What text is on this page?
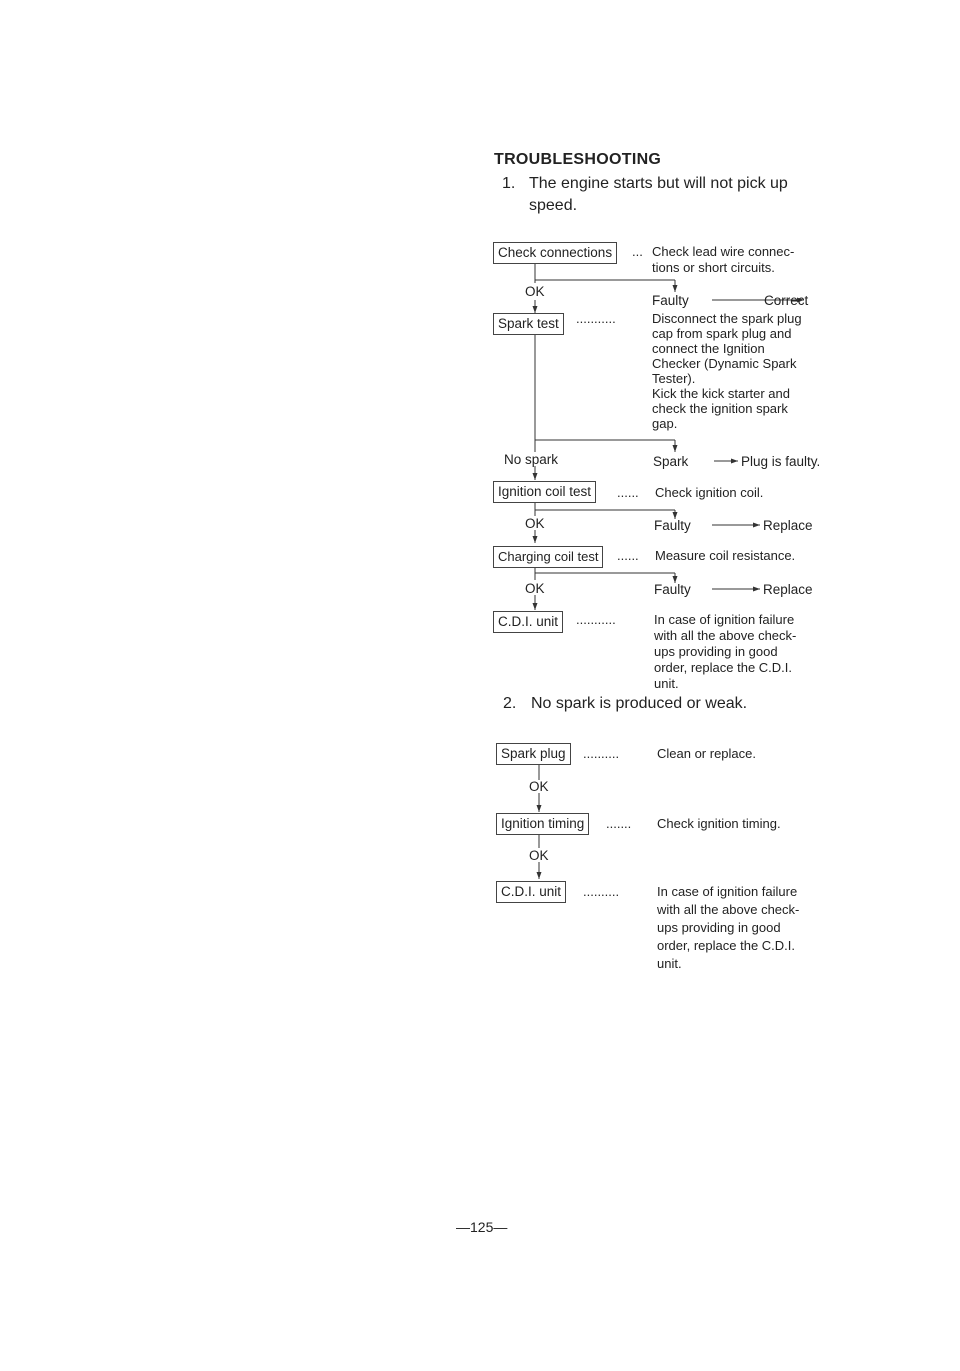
TROUBLESHOOTING
1. The engine starts but will not pick up
speed.
Check connections	... Check lead wire connec-
tions or short circuits.
OK
Faulty	Correct
Spark test	...........	Disconnect the spark plug
cap from spark plug and
connect the Ignition
Checker (Dynamic Spark
Tester).
Kick the kick starter and
check the ignition spark
gap.
No spark	Spark	Plug is faulty.
Ignition coil test	...... Check ignition coil.
OK	Faulty	Replace
Charging coil test	...... Measure coil resistance.
OK	Faulty	Replace
C.D.I. unit	...........	In case of ignition failure
with all the above check-
ups providing in good
order, replace the C.D.I.
unit.
2. No spark is produced or weak.
Spark plug	..........	Clean or replace.
OK
Ignition timing	....... Check ignition timing.
OK
C.D.I. unit	..........	In case of ignition failure
with all the above check-
ups providing in good
order, replace the C.D.I.
unit.
—125—
